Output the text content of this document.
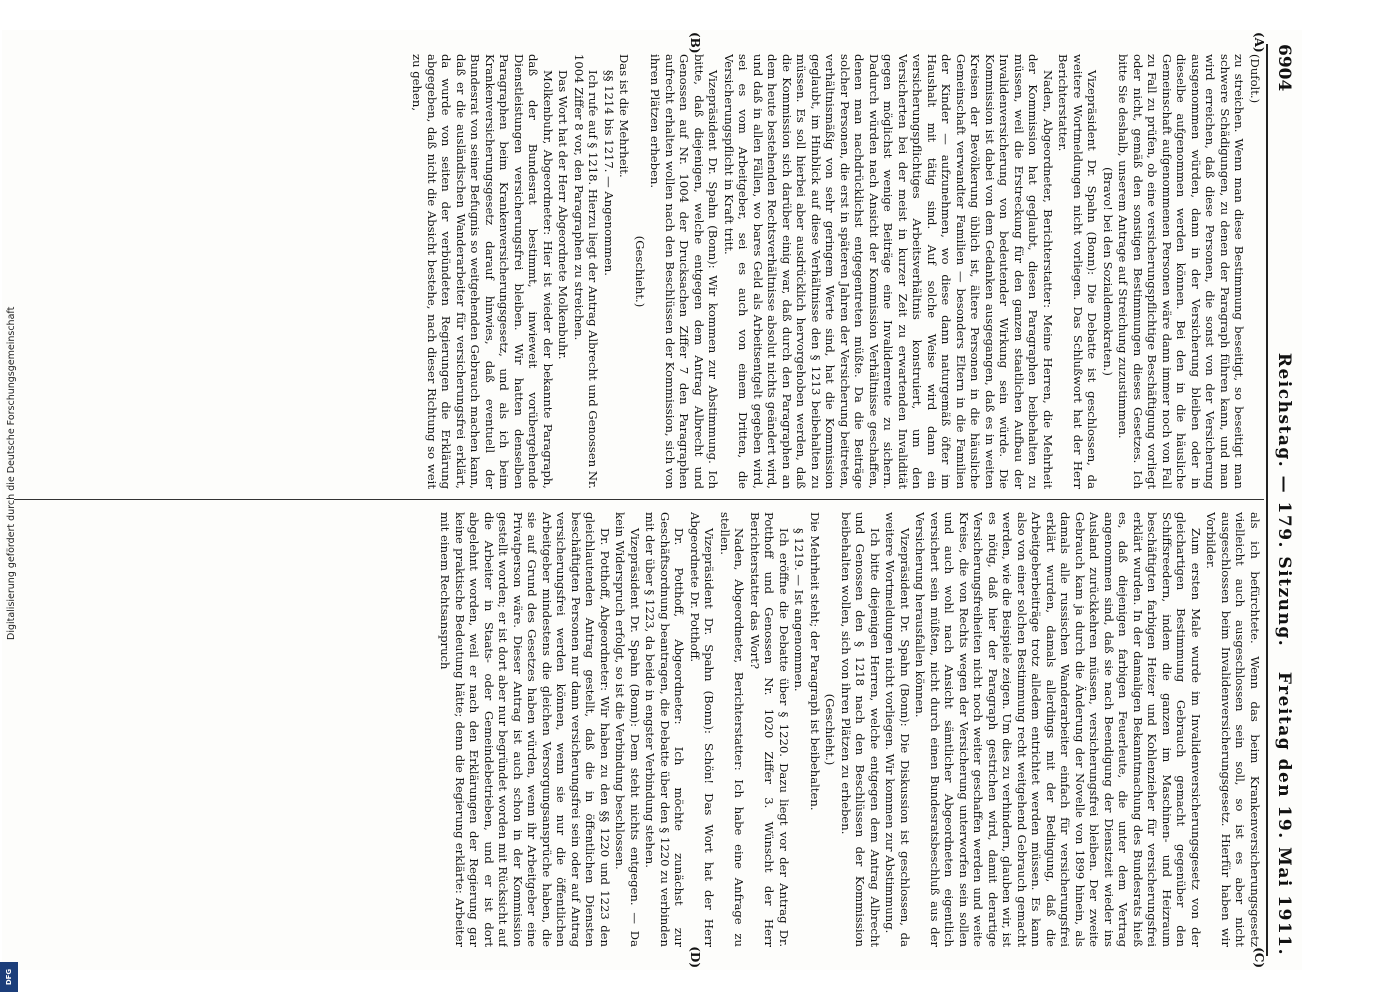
6904
Reichstag. — 179. Sitzung.
Freitag den 19. Mai 1911.
(A)
(B)
(C)
(D)

(Dufolt.)

zu streichen. Wenn man diese Bestimmung beseitigt, so beseitigt man schwere Schädigungen, zu denen der Paragraph führen kann, und man wird erreichen, daß diese Personen, die sonst von der Versicherung ausgenommen würden, dann in der Versicherung bleiben oder in dieselbe aufgenommen werden können. Bei den in die häusliche Gemeinschaft aufgenommenen Personen wäre dann immer noch von Fall zu Fall zu prüfen, ob eine versicherungspflichtige Beschäftigung vorliegt oder nicht, gemäß den sonstigen Bestimmungen dieses Gesetzes. Ich bitte Sie deshalb, unserem Antrage auf Streichung zuzustimmen.

(Bravo! bei den Sozialdemokraten.)

Vizepräsident Dr. Spahn (Bonn): Die Debatte ist geschlossen, da weitere Wortmeldungen nicht vorliegen. Das Schlußwort hat der Herr Berichterstatter.

Naden, Abgeordneter, Berichterstatter: Meine Herren, die Mehrheit der Kommission hat geglaubt, diesen Paragraphen beibehalten zu müssen, weil die Erstreckung für den ganzen staatlichen Aufbau der Invalidenversicherung von bedeutender Wirkung sein würde. Die Kommission ist dabei von dem Gedanken ausgegangen, daß es in weiten Kreisen der Bevölkerung üblich ist, ältere Personen in die häusliche Gemeinschaft verwandter Familien — besonders Eltern in die Familien der Kinder — aufzunehmen, wo diese dann naturgemäß öfter im Haushalt mit tätig sind. Auf solche Weise wird dann ein versicherungspflichtiges Arbeitsverhältnis konstruiert, um den Versicherten bei der meist in kurzer Zeit zu erwartenden Invalidität gegen möglichst wenige Beiträge eine Invalidenrente zu sichern. Dadurch würden nach Ansicht der Kommission Verhältnisse geschaffen, denen man nachdrücklichst entgegentreten müßte. Da die Beiträge solcher Personen, die erst in späteren Jahren der Versicherung beitreten, verhältnismäßig von sehr geringem Werte sind, hat die Kommission geglaubt, im Hinblick auf diese Verhältnisse den § 1213 beibehalten zu müssen. Es soll hierbei aber ausdrücklich hervorgehoben werden, daß die Kommission sich darüber einig war, daß durch den Paragraphen an dem heute bestehenden Rechtsverhältnisse absolut nichts geändert wird, und daß in allen Fällen, wo bares Geld als Arbeitsentgelt gegeben wird, sei es vom Arbeitgeber, sei es auch von einem Dritten, die Versicherungspflicht in Kraft tritt.

Vizepräsident Dr. Spahn (Bonn): Wir kommen zur Abstimmung. Ich bitte, daß diejenigen, welche entgegen dem Antrag Albrecht und Genossen auf Nr. 1004 der Drucksachen Ziffer 7 den Paragraphen aufrecht erhalten wollen nach den Beschlüssen der Kommission, sich von ihren Plätzen erheben.

(Geschieht.)

Das ist die Mehrheit.

§§ 1214 bis 1217. — Angenommen.

Ich rufe auf § 1218. Hierzu liegt der Antrag Albrecht und Genossen Nr. 1004 Ziffer 8 vor, den Paragraphen zu streichen.

Das Wort hat der Herr Abgeordnete Molkenbuhr.

Molkenbuhr, Abgeordneter: Hier ist wieder der bekannte Paragraph, daß der Bundesrat bestimmt, inwieweit vorübergehende Dienstleistungen versicherungsfrei bleiben. Wir hatten denselben Paragraphen beim Krankenversicherungsgesetz, und als ich beim Krankenversicherungsgesetz darauf hinwies, daß eventuell der Bundesrat von seiner Befugnis so weitgehenden Gebrauch machen kann, daß er die ausländischen Wanderarbeiter für versicherungsfrei erklärt, da wurde von seiten der verbündeten Regierungen die Erklärung abgegeben, daß nicht die Absicht bestehe, nach dieser Richtung so weit zu gehen,

als ich befürchtete. Wenn das beim Krankenversicherungsgesetz vielleicht auch ausgeschlossen sein soll, so ist es aber nicht ausgeschlossen beim Invalidenversicherungsgesetz. Hierfür haben wir Vorbilder.

Zum ersten Male wurde im Invalidenversicherungsgesetz von der gleichartigen Bestimmung Gebrauch gemacht gegenüber den Schiffsreedern, indem die ganzen im Maschinen- und Heizraum beschäftigten farbigen Heizer und Kohlenzieher für versicherungsfrei erklärt wurden. In der damaligen Bekanntmachung des Bundesrats hieß es, daß diejenigen farbigen Feuerleute, die unter dem Vertrag angenommen sind, daß sie nach Beendigung der Dienstzeit wieder ins Ausland zurückkehren müssen, versicherungsfrei bleiben. Der zweite Gebrauch kam ja durch die Änderung der Novelle von 1899 hinein, als damals alle russischen Wanderarbeiter einfach für versicherungsfrei erklärt wurden, damals allerdings mit der Bedingung, daß die Arbeitgeberbeiträge trotz alledem entrichtet werden müssen. Es kann also von einer solchen Bestimmung recht weitgehend Gebrauch gemacht werden, wie die Beispiele zeigen. Um dies zu verhindern, glauben wir, ist es nötig, daß hier der Paragraph gestrichen wird, damit derartige Versicherungsfreiheiten nicht noch weiter geschaffen werden und weite Kreise, die von Rechts wegen der Versicherung unterworfen sein sollen und auch wohl nach Ansicht sämtlicher Abgeordneten eigentlich versichert sein müßten, nicht durch einen Bundesratsbeschluß aus der Versicherung herausfallen können.

Vizepräsident Dr. Spahn (Bonn): Die Diskussion ist geschlossen, da weitere Wortmeldungen nicht vorliegen. Wir kommen zur Abstimmung.

Ich bitte diejenigen Herren, welche entgegen dem Antrag Albrecht und Genossen den § 1218 nach den Beschlüssen der Kommission beibehalten wollen, sich von ihren Plätzen zu erheben.

(Geschieht.)

Die Mehrheit steht; der Paragraph ist beibehalten.

§ 1219. — Ist angenommen.

Ich eröffne die Debatte über § 1220. Dazu liegt vor der Antrag Dr. Potthoff und Genossen Nr. 1020 Ziffer 3. Wünscht der Herr Berichterstatter das Wort?

Naden, Abgeordneter, Berichterstatter: Ich habe eine Anfrage zu stellen.

Vizepräsident Dr. Spahn (Bonn): Schön! Das Wort hat der Herr Abgeordnete Dr. Potthoff.

Dr. Potthoff, Abgeordneter: Ich möchte zunächst zur Geschäftsordnung beantragen, die Debatte über den § 1220 zu verbinden mit der über § 1223, da beide in engster Verbindung stehen.

Vizepräsident Dr. Spahn (Bonn): Dem steht nichts entgegen. — Da kein Widerspruch erfolgt, so ist die Verbindung beschlossen.

Dr. Potthoff, Abgeordneter: Wir haben zu den §§ 1220 und 1223 den gleichlautenden Antrag gestellt, daß die in öffentlichen Diensten beschäftigten Personen nur dann versicherungsfrei sein oder auf Antrag versicherungsfrei werden können, wenn sie nur die öffentlichen Arbeitgeber mindestens die gleichen Versorgungsansprüche haben, die sie auf Grund des Gesetzes haben würden, wenn ihr Arbeitgeber eine Privatperson wäre. Dieser Antrag ist auch schon in der Kommission gestellt worden; er ist dort aber nur begründet worden mit Rücksicht auf die Arbeiter in Staats- oder Gemeindebetrieben, und er ist dort abgelehnt worden, weil er nach den Erklärungen der Regierung gar keine praktische Bedeutung hätte; denn die Regierung erklärte: Arbeiter mit einem Rechtsanspruch

Digitalisierung gefördert durch die Deutsche Forschungsgemeinschaft
DFG
